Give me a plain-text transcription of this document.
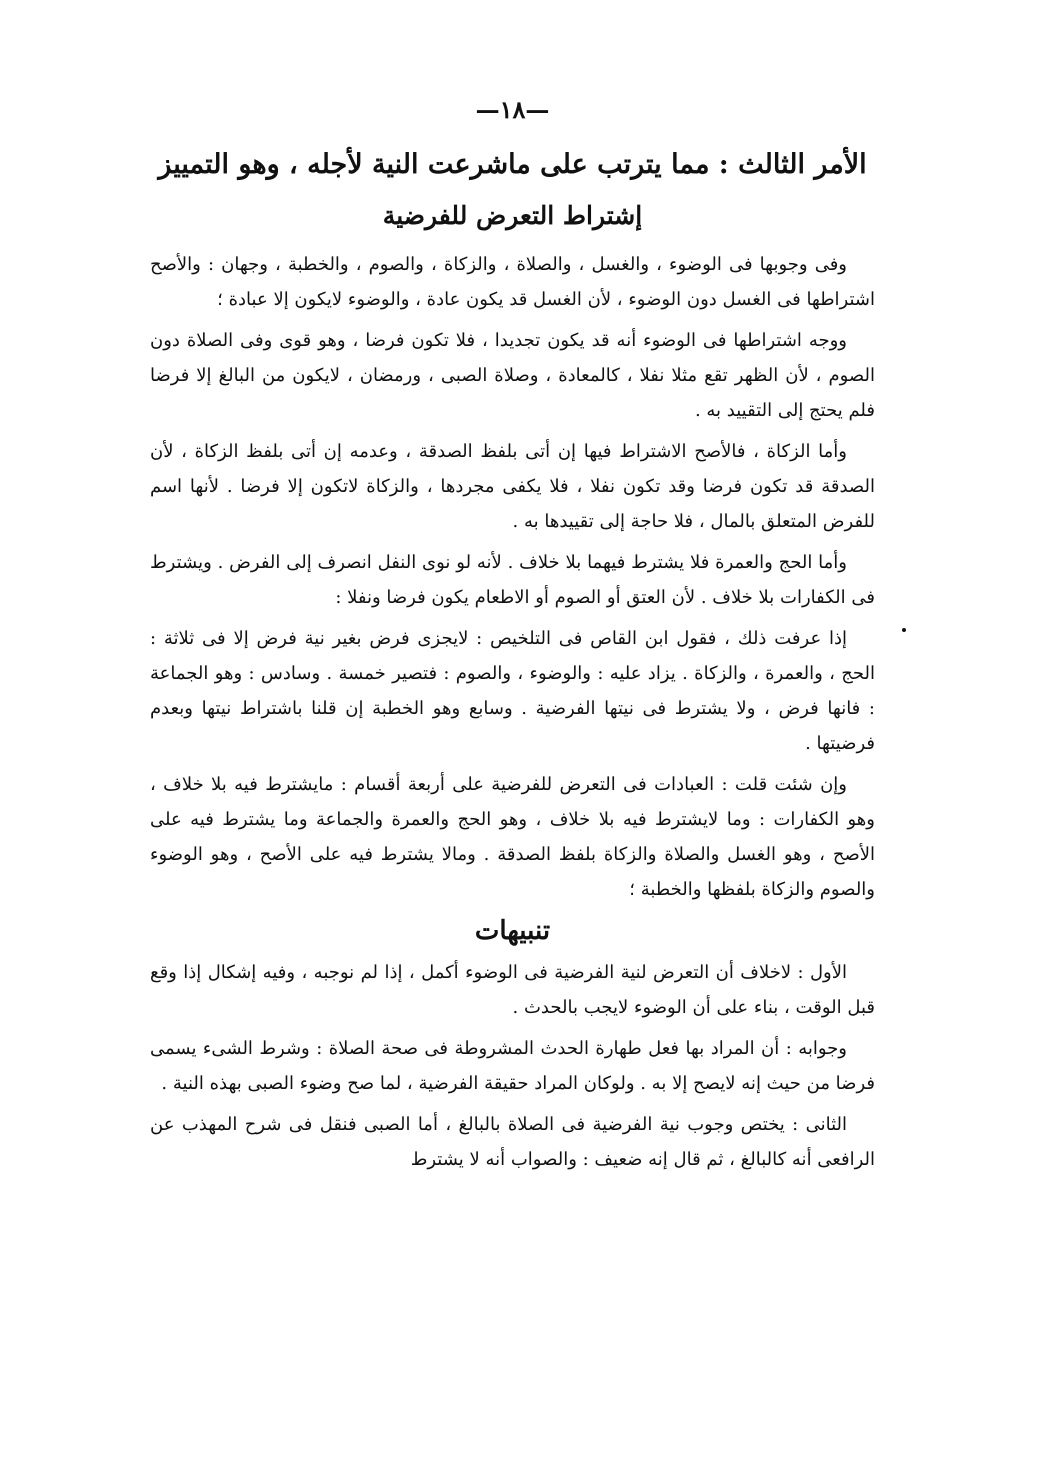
—١٨—
الأمر الثالث : مما يترتب على ماشرعت النية لأجله ، وهو التمييز
إشتراط التعرض للفرضية

وفى وجوبها فى الوضوء ، والغسل ، والصلاة ، والزكاة ، والصوم ، والخطبة ، وجهان : والأصح اشتراطها فى الغسل دون الوضوء ، لأن الغسل قد يكون عادة ، والوضوء لايكون إلا عبادة ؛

ووجه اشتراطها فى الوضوء أنه قد يكون تجديدا ، فلا تكون فرضا ، وهو قوى وفى الصلاة دون الصوم ، لأن الظهر تقع مثلا نفلا ، كالمعادة ، وصلاة الصبى ، ورمضان ، لايكون من البالغ إلا فرضا فلم يحتج إلى التقييد به .

وأما الزكاة ، فالأصح الاشتراط فيها إن أتى بلفظ الصدقة ، وعدمه إن أتى بلفظ الزكاة ، لأن الصدقة قد تكون فرضا وقد تكون نفلا ، فلا يكفى مجردها ، والزكاة لاتكون إلا فرضا . لأنها اسم للفرض المتعلق بالمال ، فلا حاجة إلى تقييدها به .

وأما الحج والعمرة فلا يشترط فيهما بلا خلاف . لأنه لو نوى النفل انصرف إلى الفرض . ويشترط فى الكفارات بلا خلاف . لأن العتق أو الصوم أو الاطعام يكون فرضا ونفلا :

إذا عرفت ذلك ، فقول ابن القاص فى التلخيص : لايجزى فرض بغير نية فرض إلا فى ثلاثة : الحج ، والعمرة ، والزكاة . يزاد عليه : والوضوء ، والصوم : فتصير خمسة . وسادس : وهو الجماعة : فانها فرض ، ولا يشترط فى نيتها الفرضية . وسابع وهو الخطبة إن قلنا باشتراط نيتها وبعدم فرضيتها .

وإن شئت قلت : العبادات فى التعرض للفرضية على أربعة أقسام : مايشترط فيه بلا خلاف ، وهو الكفارات : وما لايشترط فيه بلا خلاف ، وهو الحج والعمرة والجماعة وما يشترط فيه على الأصح ، وهو الغسل والصلاة والزكاة بلفظ الصدقة . ومالا يشترط فيه على الأصح ، وهو الوضوء والصوم والزكاة بلفظها والخطبة ؛

تنبيهات

الأول : لاخلاف أن التعرض لنية الفرضية فى الوضوء أكمل ، إذا لم نوجبه ، وفيه إشكال إذا وقع قبل الوقت ، بناء على أن الوضوء لايجب بالحدث .

وجوابه : أن المراد بها فعل طهارة الحدث المشروطة فى صحة الصلاة : وشرط الشىء يسمى فرضا من حيث إنه لايصح إلا به . ولوكان المراد حقيقة الفرضية ، لما صح وضوء الصبى بهذه النية .

الثانى : يختص وجوب نية الفرضية فى الصلاة بالبالغ ، أما الصبى فنقل فى شرح المهذب عن الرافعى أنه كالبالغ ، ثم قال إنه ضعيف : والصواب أنه لا يشترط
